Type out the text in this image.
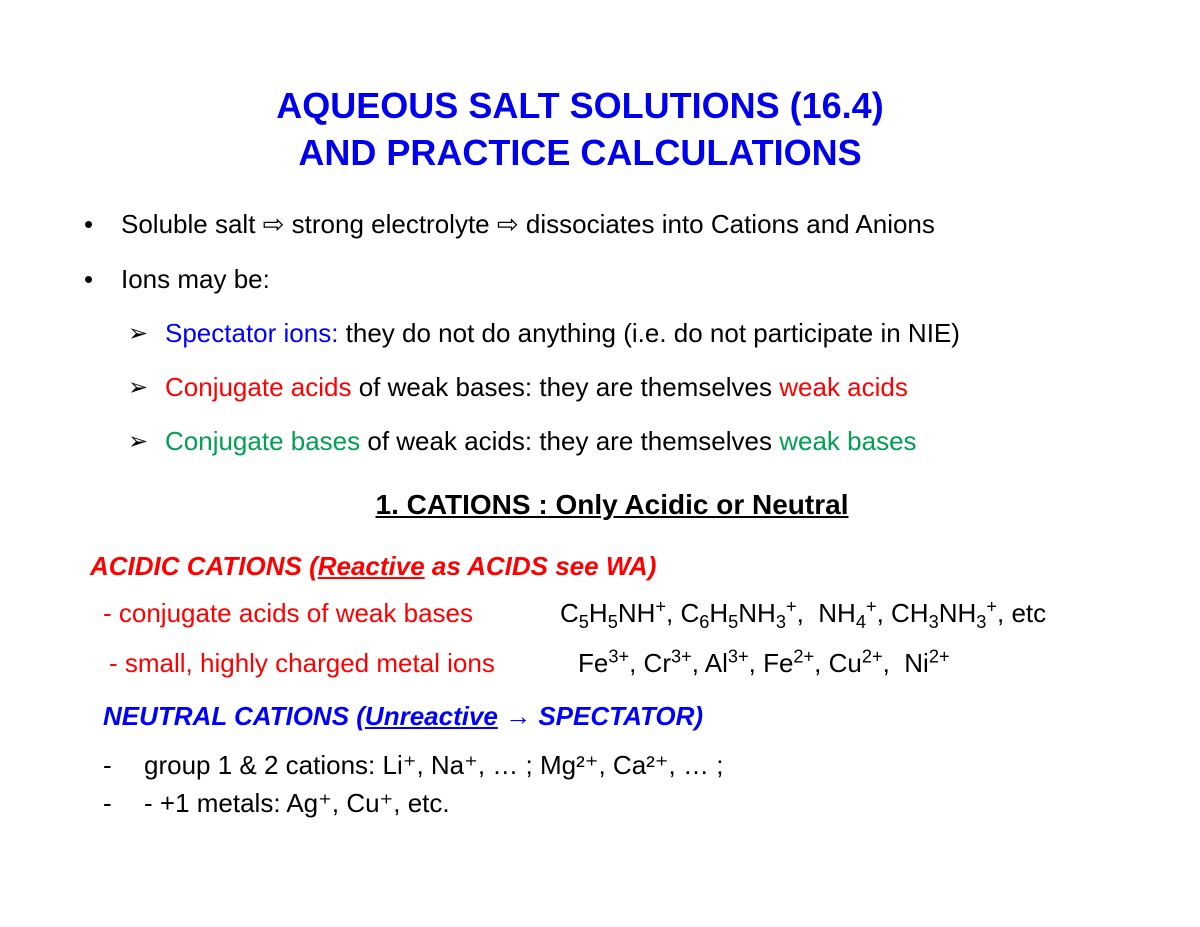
AQUEOUS SALT SOLUTIONS (16.4)
AND PRACTICE CALCULATIONS
• Soluble salt ⇨ strong electrolyte ⇨ dissociates into Cations and Anions
• Ions may be:
➢ Spectator ions: they do not do anything (i.e. do not participate in NIE)
➢ Conjugate acids of weak bases: they are themselves weak acids
➢ Conjugate bases of weak acids: they are themselves weak bases
1. CATIONS : Only Acidic or Neutral
ACIDIC CATIONS (Reactive as ACIDS see WA)
- conjugate acids of weak bases	$C_5H_5NH^+$, $C_6H_5NH_3^+$,  $NH_4^+$, $CH_3NH_3^+$, etc
- small, highly charged metal ions	$Fe^{3+}$, $Cr^{3+}$, $Al^{3+}$, $Fe^{2+}$, $Cu^{2+}$,  $Ni^{2+}$
NEUTRAL CATIONS (Unreactive → SPECTATOR)
- group 1 & 2 cations: Li⁺, Na⁺, … ; Mg²⁺, Ca²⁺, … ;
- - +1 metals: Ag⁺, Cu⁺, etc.
